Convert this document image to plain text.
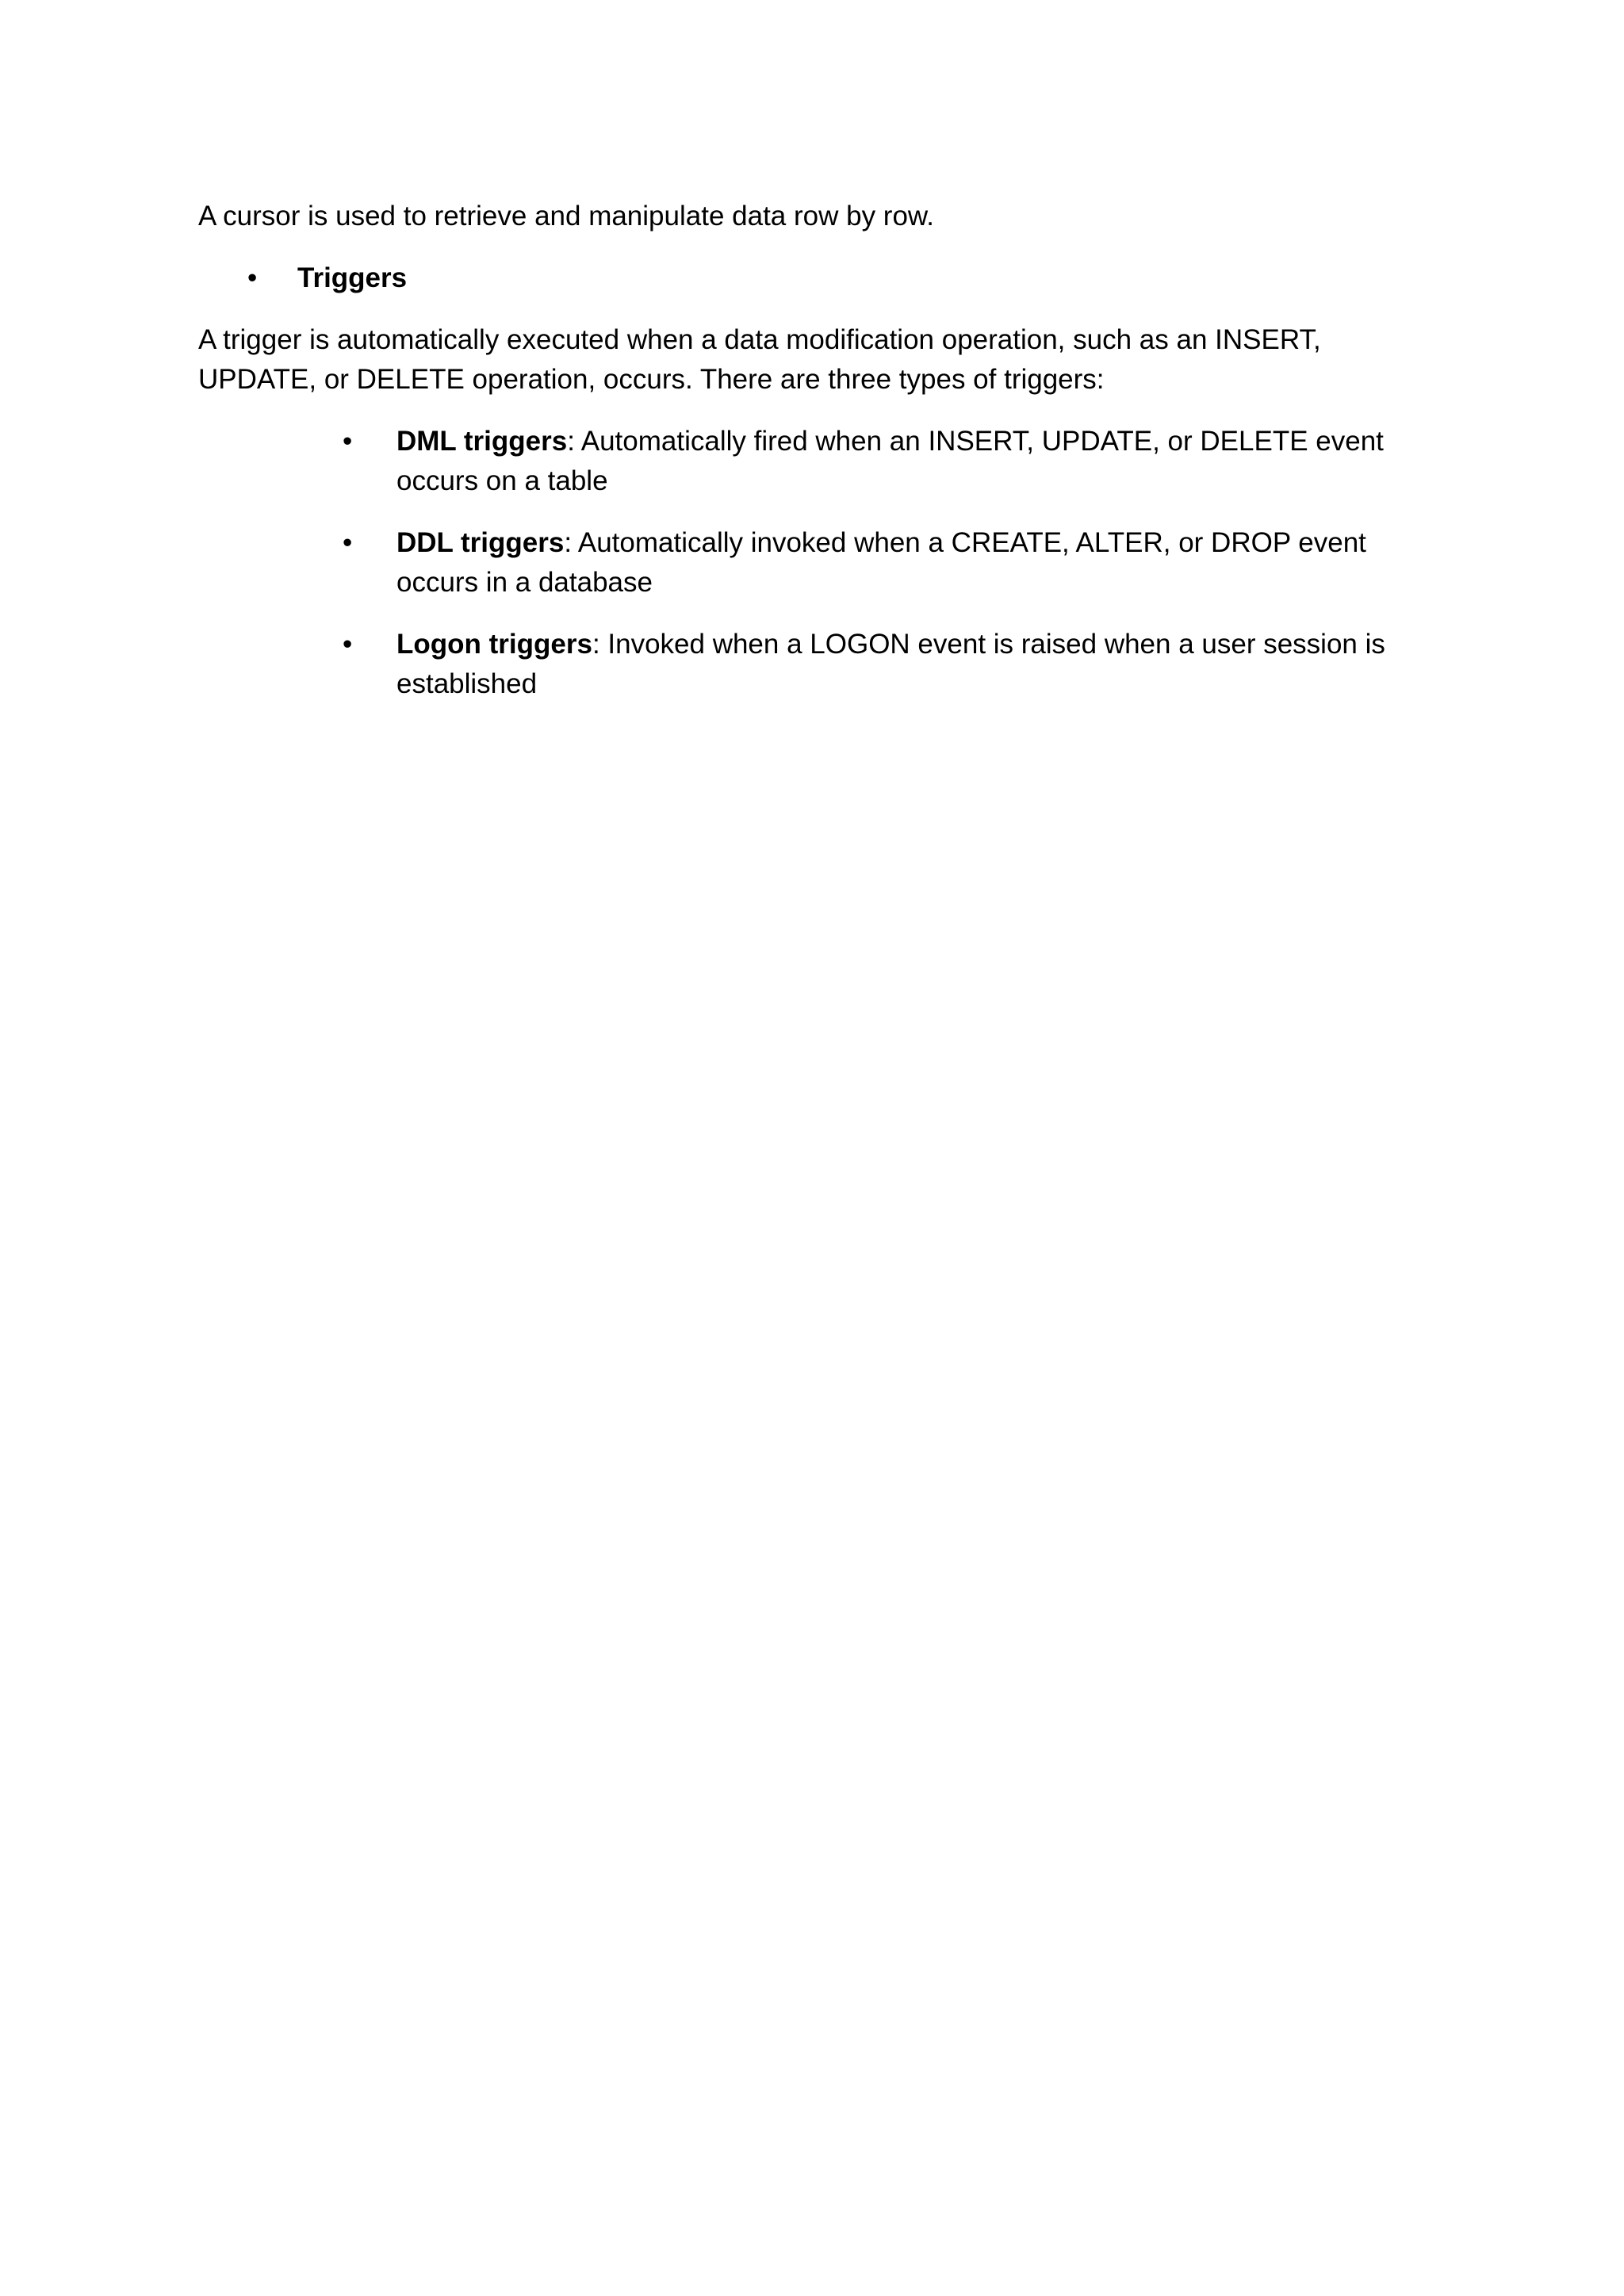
A cursor is used to retrieve and manipulate data row by row.

• Triggers

A trigger is automatically executed when a data modification operation, such as an INSERT, UPDATE, or DELETE operation, occurs. There are three types of triggers:

• DML triggers: Automatically fired when an INSERT, UPDATE, or DELETE event occurs on a table
• DDL triggers: Automatically invoked when a CREATE, ALTER, or DROP event occurs in a database
• Logon triggers: Invoked when a LOGON event is raised when a user session is established
